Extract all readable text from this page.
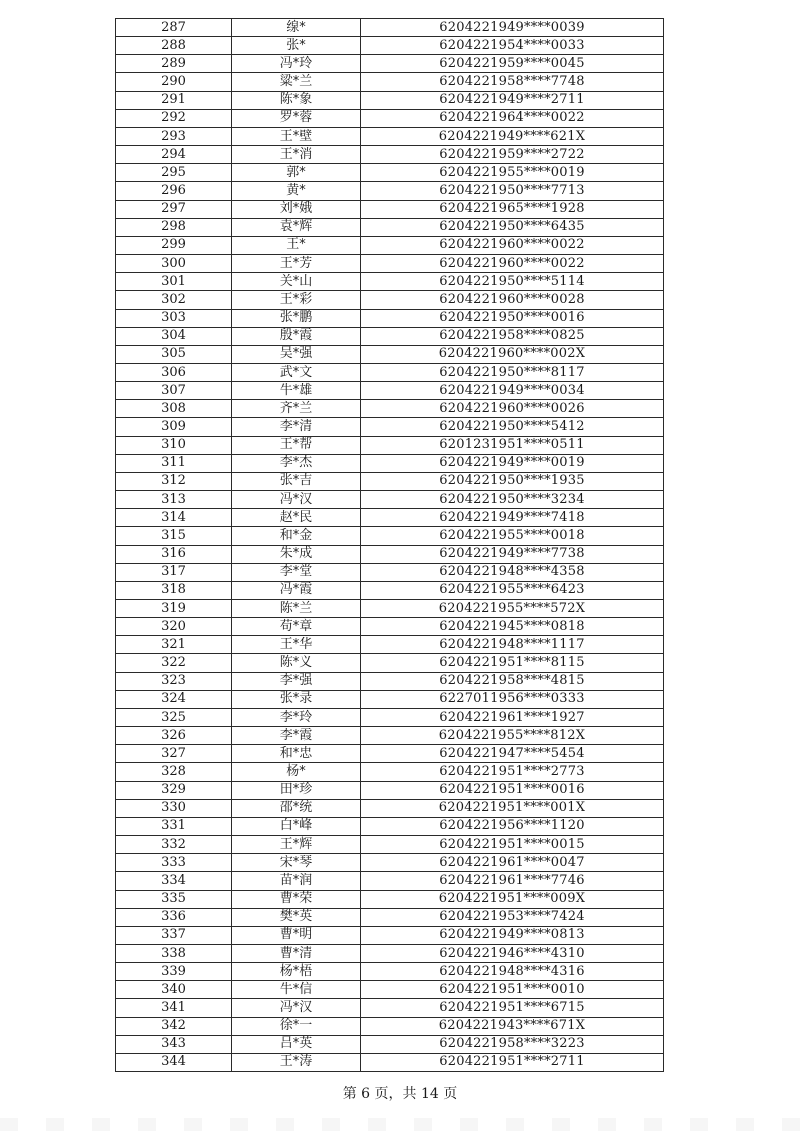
287	缐*	6204221949****0039
288	张*	6204221954****0033
289	冯*玲	6204221959****0045
290	粱*兰	6204221958****7748
291	陈*象	6204221949****2711
292	罗*蓉	6204221964****0022
293	王*壁	6204221949****621X
294	王*消	6204221959****2722
295	郭*	6204221955****0019
296	黄*	6204221950****7713
297	刘*娥	6204221965****1928
298	袁*辉	6204221950****6435
299	王*	6204221960****0022
300	王*芳	6204221960****0022
301	关*山	6204221950****5114
302	王*彩	6204221960****0028
303	张*鹏	6204221950****0016
304	殷*霞	6204221958****0825
305	吴*强	6204221960****002X
306	武*文	6204221950****8117
307	牛*雄	6204221949****0034
308	齐*兰	6204221960****0026
309	李*清	6204221950****5412
310	王*帮	6201231951****0511
311	李*杰	6204221949****0019
312	张*吉	6204221950****1935
313	冯*汉	6204221950****3234
314	赵*民	6204221949****7418
315	和*金	6204221955****0018
316	朱*成	6204221949****7738
317	李*堂	6204221948****4358
318	冯*霞	6204221955****6423
319	陈*兰	6204221955****572X
320	苟*章	6204221945****0818
321	王*华	6204221948****1117
322	陈*义	6204221951****8115
323	李*强	6204221958****4815
324	张*录	6227011956****0333
325	李*玲	6204221961****1927
326	李*霞	6204221955****812X
327	和*忠	6204221947****5454
328	杨*	6204221951****2773
329	田*珍	6204221951****0016
330	邵*统	6204221951****001X
331	白*峰	6204221956****1120
332	王*辉	6204221951****0015
333	宋*琴	6204221961****0047
334	苗*润	6204221961****7746
335	曹*荣	6204221951****009X
336	樊*英	6204221953****7424
337	曹*明	6204221949****0813
338	曹*清	6204221946****4310
339	杨*梧	6204221948****4316
340	牛*信	6204221951****0010
341	冯*汉	6204221951****6715
342	徐*一	6204221943****671X
343	吕*英	6204221958****3223
344	王*涛	6204221951****2711
第 6 页，共 14 页
